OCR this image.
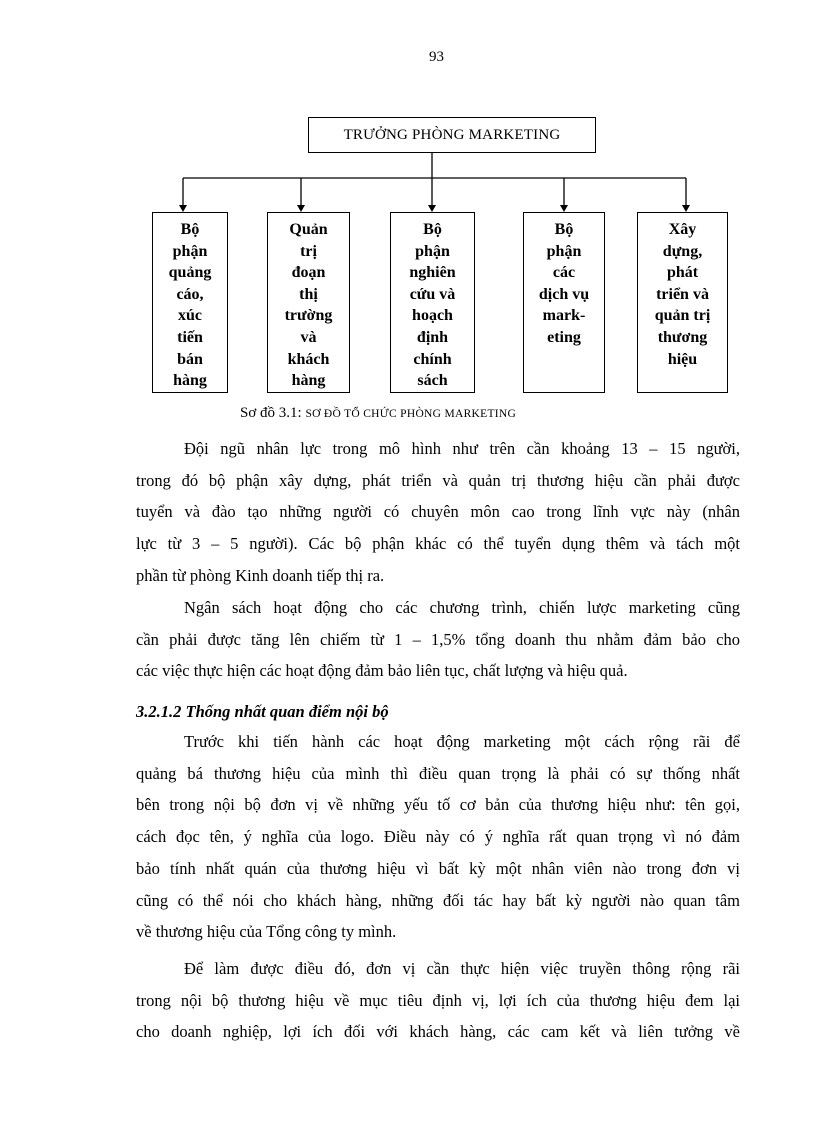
93
TRƯỞNG PHÒNG MARKETING
Bộ
phận
quảng
cáo,
xúc
tiến
bán
hàng
Quản
trị
đoạn
thị
trường
và
khách
hàng
Bộ
phận
nghiên
cứu và
hoạch
định
chính
sách
Bộ
phận
các
dịch vụ
mark-
eting
Xây
dựng,
phát
triển và
quản trị
thương
hiệu
Sơ đồ 3.1: SƠ ĐỒ TỔ CHỨC PHÒNG MARKETING
Đội ngũ nhân lực trong mô hình như trên cần khoảng 13 – 15 người,
trong đó bộ phận xây dựng, phát triển và quản trị thương hiệu cần phải được
tuyển và đào tạo những người có chuyên môn cao trong lĩnh vực này (nhân
lực từ 3 – 5 người). Các bộ phận khác có thể tuyển dụng thêm và tách một
phần từ phòng Kinh doanh tiếp thị ra.
Ngân sách hoạt động cho các chương trình, chiến lược marketing cũng
cần phải được tăng lên chiếm từ 1 – 1,5% tổng doanh thu nhằm đảm bảo cho
các việc thực hiện các hoạt động đảm bảo liên tục, chất lượng và hiệu quả.
3.2.1.2 Thống nhất quan điểm nội bộ
Trước khi tiến hành các hoạt động marketing một cách rộng rãi để
quảng bá thương hiệu của mình thì điều quan trọng là phải có sự thống nhất
bên trong nội bộ đơn vị về những yếu tố cơ bản của thương hiệu như: tên gọi,
cách đọc tên, ý nghĩa của logo. Điều này có ý nghĩa rất quan trọng vì nó đảm
bảo tính nhất quán của thương hiệu vì bất kỳ một nhân viên nào trong đơn vị
cũng có thể nói cho khách hàng, những đối tác hay bất kỳ người nào quan tâm
về thương hiệu của Tổng công ty mình.
Để làm được điều đó, đơn vị cần thực hiện việc truyền thông rộng rãi
trong nội bộ thương hiệu về mục tiêu định vị, lợi ích của thương hiệu đem lại
cho doanh nghiệp, lợi ích đối với khách hàng, các cam kết và liên tưởng về
